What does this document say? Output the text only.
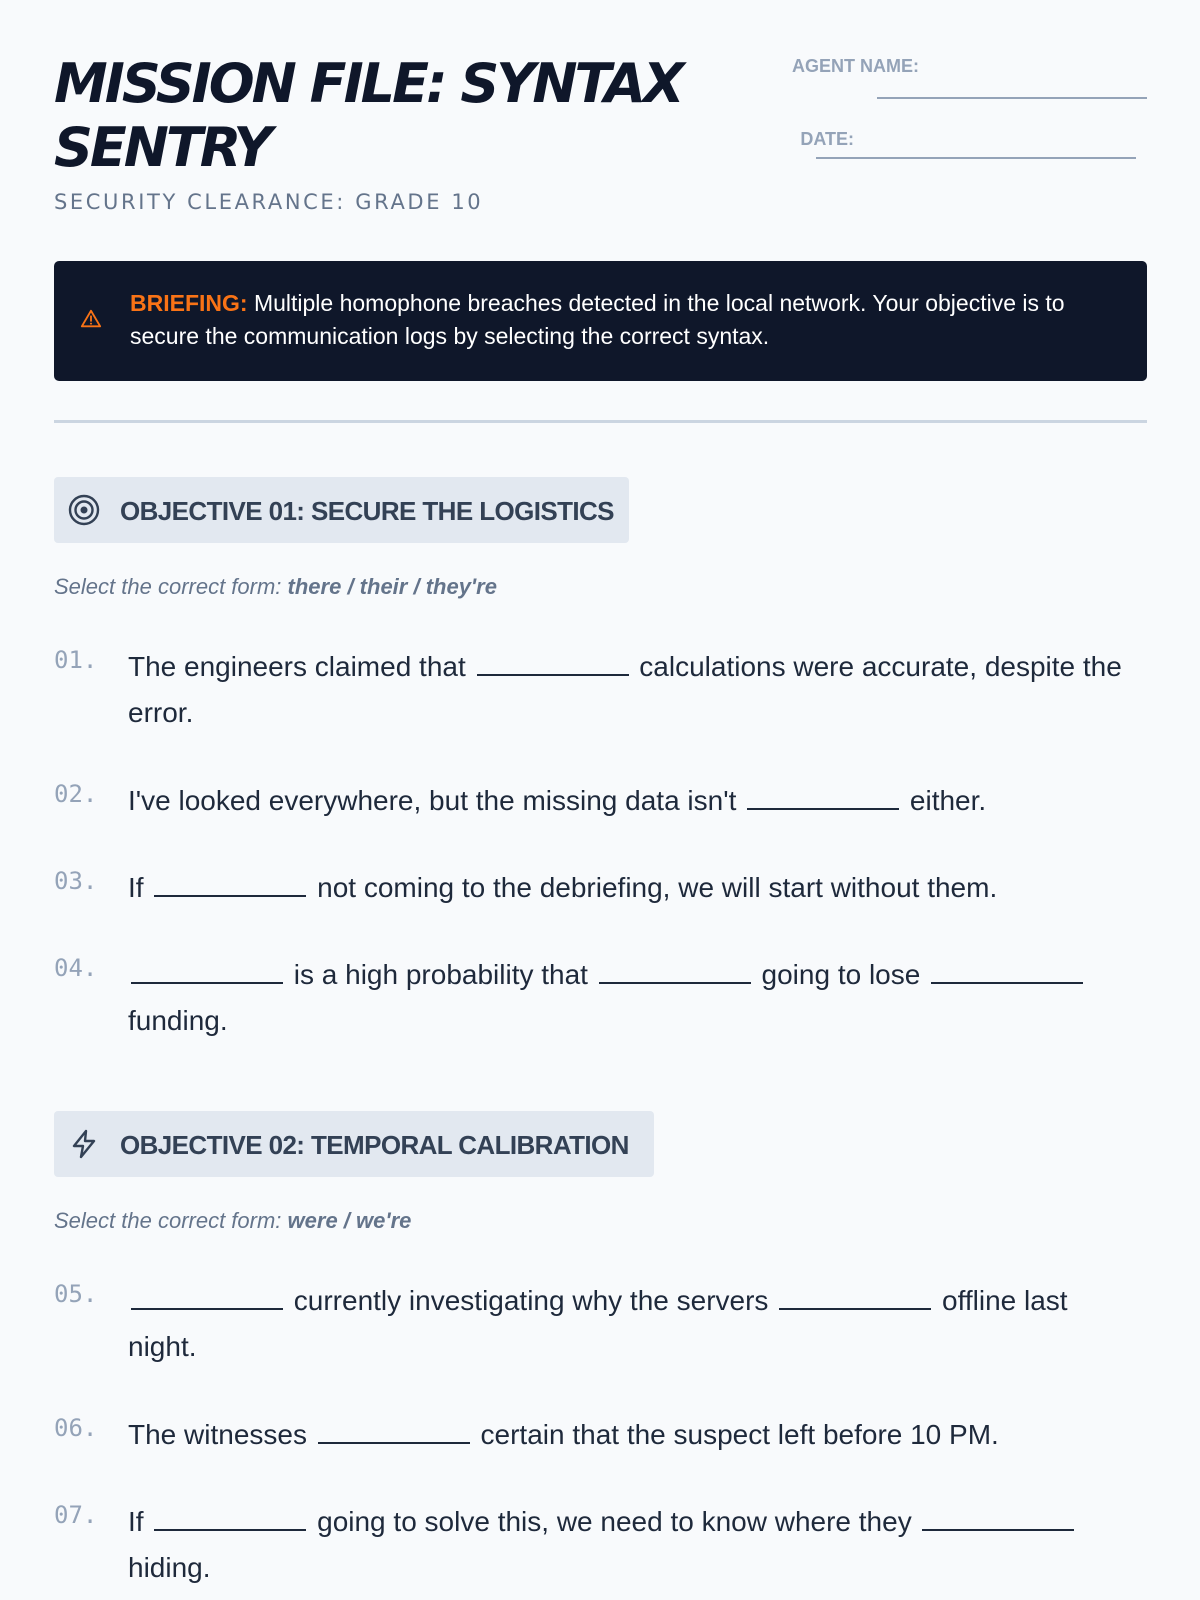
MISSION FILE: SYNTAX SENTRY
SECURITY CLEARANCE: GRADE 10
AGENT NAME:
DATE:
BRIEFING: Multiple homophone breaches detected in the local network. Your objective is to secure the communication logs by selecting the correct syntax.
OBJECTIVE 01: SECURE THE LOGISTICS
Select the correct form: there / their / they're
01. The engineers claimed that	calculations were accurate, despite the error.
02. I've looked everywhere, but the missing data isn't	either.
03. If	not coming to the debriefing, we will start without them.
04.	is a high probability that	going to lose  funding.
OBJECTIVE 02: TEMPORAL CALIBRATION
Select the correct form: were / we're
05.	currently investigating why the servers	offline last night.
06. The witnesses	certain that the suspect left before 10 PM.
07. If	going to solve this, we need to know where they  hiding.
